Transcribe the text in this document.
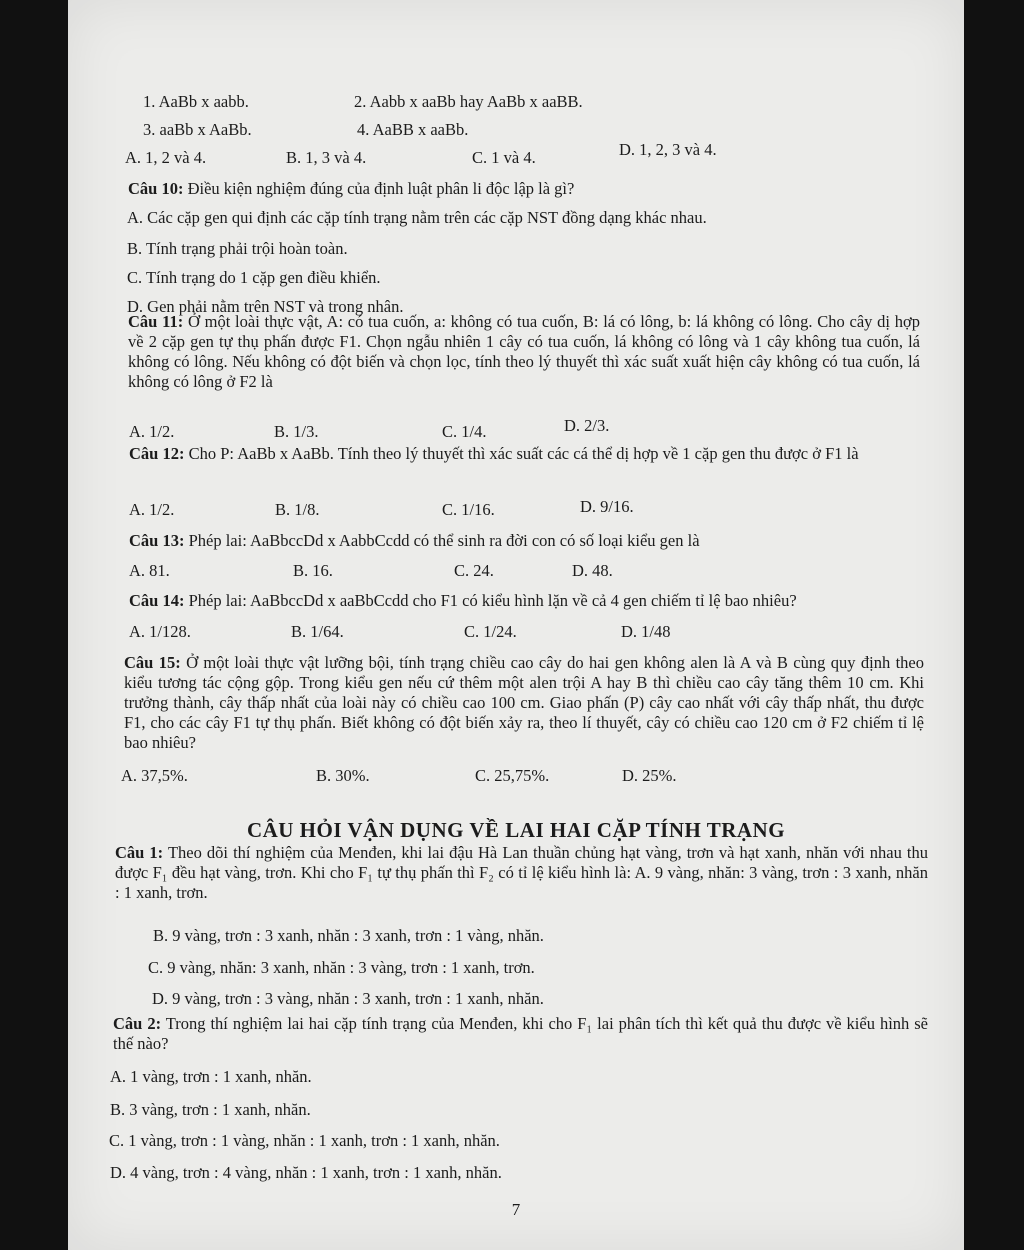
1. AaBb x aabb.	2. Aabb x aaBb hay AaBb x aaBB.
3. aaBb x AaBb.	4. AaBB x aaBb.
A. 1, 2 và 4.	B. 1, 3 và 4.	C. 1 và 4.	D. 1, 2, 3 và 4.
Câu 10: Điều kiện nghiệm đúng của định luật phân li độc lập là gì?
A. Các cặp gen qui định các cặp tính trạng nằm trên các cặp NST đồng dạng khác nhau.
B. Tính trạng phải trội hoàn toàn.
C. Tính trạng do 1 cặp gen điều khiển.
D. Gen phải nằm trên NST và trong nhân.
Câu 11: Ở một loài thực vật, A: có tua cuốn, a: không có tua cuốn, B: lá có lông, b: lá không có lông. Cho cây dị hợp về 2 cặp gen tự thụ phấn được F1. Chọn ngẫu nhiên 1 cây có tua cuốn, lá không có lông và 1 cây không tua cuốn, lá không có lông. Nếu không có đột biến và chọn lọc, tính theo lý thuyết thì xác suất xuất hiện cây không có tua cuốn, lá không có lông ở F2 là
A. 1/2.	B. 1/3.	C. 1/4.	D. 2/3.
Câu 12: Cho P: AaBb x AaBb. Tính theo lý thuyết thì xác suất các cá thể dị hợp về 1 cặp gen thu được ở F1 là
A. 1/2.	B. 1/8.	C. 1/16.	D. 9/16.
Câu 13: Phép lai: AaBbccDd x AabbCcdd có thể sinh ra đời con có số loại kiểu gen là
A. 81.	B. 16.	C. 24.	D. 48.
Câu 14: Phép lai: AaBbccDd x aaBbCcdd cho F1 có kiểu hình lặn về cả 4 gen chiếm tỉ lệ bao nhiêu?
A. 1/128.	B. 1/64.	C. 1/24.	D. 1/48
Câu 15: Ở một loài thực vật lưỡng bội, tính trạng chiều cao cây do hai gen không alen là A và B cùng quy định theo kiểu tương tác cộng gộp. Trong kiểu gen nếu cứ thêm một alen trội A hay B thì chiều cao cây tăng thêm 10 cm. Khi trưởng thành, cây thấp nhất của loài này có chiều cao 100 cm. Giao phấn (P) cây cao nhất với cây thấp nhất, thu được F1, cho các cây F1 tự thụ phấn. Biết không có đột biến xảy ra, theo lí thuyết, cây có chiều cao 120 cm ở F2 chiếm tỉ lệ bao nhiêu?
A. 37,5%.	B. 30%.	C. 25,75%.	D. 25%.
CÂU HỎI VẬN DỤNG VỀ LAI HAI CẶP TÍNH TRẠNG
Câu 1: Theo dõi thí nghiệm của Menđen, khi lai đậu Hà Lan thuần chủng hạt vàng, trơn và hạt xanh, nhăn với nhau thu được F₁ đều hạt vàng, trơn. Khi cho F₁ tự thụ phấn thì F₂ có tỉ lệ kiểu hình là: A. 9 vàng, nhăn: 3 vàng, trơn : 3 xanh, nhăn : 1 xanh, trơn.
B. 9 vàng, trơn : 3 xanh, nhăn : 3 xanh, trơn : 1 vàng, nhăn.
C. 9 vàng, nhăn: 3 xanh, nhăn : 3 vàng, trơn : 1 xanh, trơn.
D. 9 vàng, trơn : 3 vàng, nhăn : 3 xanh, trơn : 1 xanh, nhăn.
Câu 2: Trong thí nghiệm lai hai cặp tính trạng của Menđen, khi cho F₁ lai phân tích thì kết quả thu được về kiểu hình sẽ thế nào?
A. 1 vàng, trơn : 1 xanh, nhăn.
B. 3 vàng, trơn : 1 xanh, nhăn.
C. 1 vàng, trơn : 1 vàng, nhăn : 1 xanh, trơn : 1 xanh, nhăn.
D. 4 vàng, trơn : 4 vàng, nhăn : 1 xanh, trơn : 1 xanh, nhăn.
7
